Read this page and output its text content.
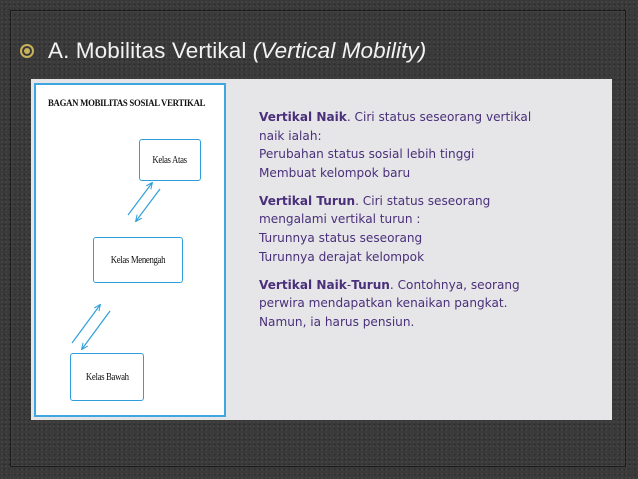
A. Mobilitas Vertikal (Vertical Mobility)
BAGAN MOBILITAS SOSIAL VERTIKAL
Kelas Atas
Kelas Menengah
Kelas Bawah

Vertikal Naik. Ciri status seseorang vertikal

naik ialah:

Perubahan status sosial lebih tinggi

Membuat kelompok baru

Vertikal Turun. Ciri status seseorang

mengalami vertikal turun :

Turunnya status seseorang

Turunnya derajat kelompok

Vertikal Naik-Turun. Contohnya, seorang

perwira mendapatkan kenaikan pangkat.

Namun, ia harus pensiun.
